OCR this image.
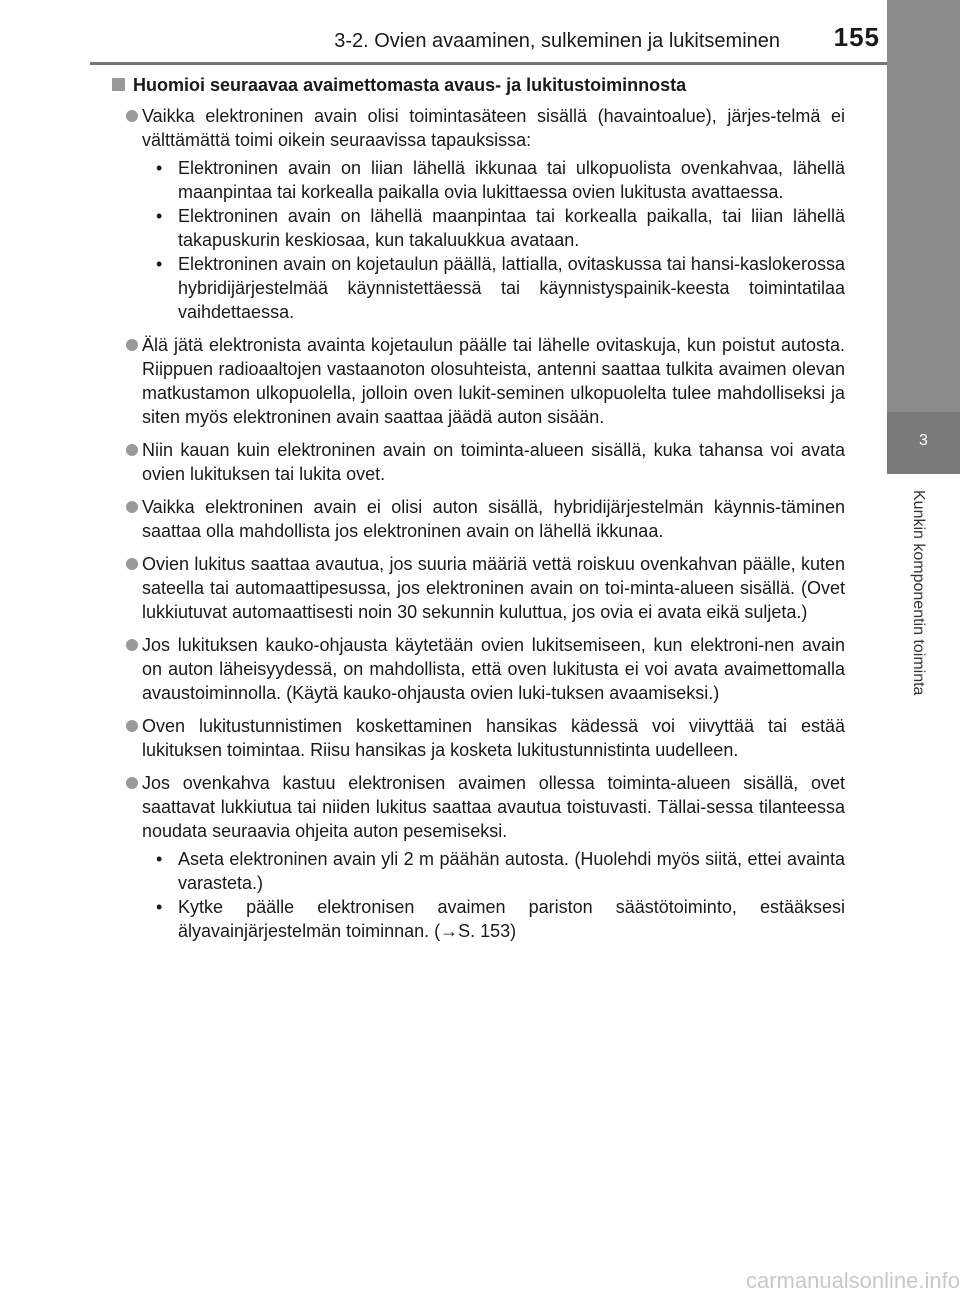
3-2. Ovien avaaminen, sulkeminen ja lukitseminen	155
3
Kunkin komponentin toiminta
Huomioi seuraavaa avaimettomasta avaus- ja lukitustoiminnosta
Vaikka elektroninen avain olisi toimintasäteen sisällä (havaintoalue), järjes-telmä ei välttämättä toimi oikein seuraavissa tapauksissa:
• Elektroninen avain on liian lähellä ikkunaa tai ulkopuolista ovenkahvaa, lähellä maanpintaa tai korkealla paikalla ovia lukittaessa ovien lukitusta avattaessa.
• Elektroninen avain on lähellä maanpintaa tai korkealla paikalla, tai liian lähellä takapuskurin keskiosaa, kun takaluukkua avataan.
• Elektroninen avain on kojetaulun päällä, lattialla, ovitaskussa tai hansi-kaslokerossa hybridijärjestelmää käynnistettäessä tai käynnistyspainik-keesta toimintatilaa vaihdettaessa.
Älä jätä elektronista avainta kojetaulun päälle tai lähelle ovitaskuja, kun poistut autosta. Riippuen radioaaltojen vastaanoton olosuhteista, antenni saattaa tulkita avaimen olevan matkustamon ulkopuolella, jolloin oven lukit-seminen ulkopuolelta tulee mahdolliseksi ja siten myös elektroninen avain saattaa jäädä auton sisään.
Niin kauan kuin elektroninen avain on toiminta-alueen sisällä, kuka tahansa voi avata ovien lukituksen tai lukita ovet.
Vaikka elektroninen avain ei olisi auton sisällä, hybridijärjestelmän käynnis-täminen saattaa olla mahdollista jos elektroninen avain on lähellä ikkunaa.
Ovien lukitus saattaa avautua, jos suuria määriä vettä roiskuu ovenkahvan päälle, kuten sateella tai automaattipesussa, jos elektroninen avain on toi-minta-alueen sisällä. (Ovet lukkiutuvat automaattisesti noin 30 sekunnin kuluttua, jos ovia ei avata eikä suljeta.)
Jos lukituksen kauko-ohjausta käytetään ovien lukitsemiseen, kun elektroni-nen avain on auton läheisyydessä, on mahdollista, että oven lukitusta ei voi avata avaimettomalla avaustoiminnolla. (Käytä kauko-ohjausta ovien luki-tuksen avaamiseksi.)
Oven lukitustunnistimen koskettaminen hansikas kädessä voi viivyttää tai estää lukituksen toimintaa. Riisu hansikas ja kosketa lukitustunnistinta uudelleen.
Jos ovenkahva kastuu elektronisen avaimen ollessa toiminta-alueen sisällä, ovet saattavat lukkiutua tai niiden lukitus saattaa avautua toistuvasti. Tällai-sessa tilanteessa noudata seuraavia ohjeita auton pesemiseksi.
• Aseta elektroninen avain yli 2 m päähän autosta. (Huolehdi myös siitä, ettei avainta varasteta.)
• Kytke päälle elektronisen avaimen pariston säästötoiminto, estääksesi älyavainjärjestelmän toiminnan. (→S. 153)
carmanualsonline.info
